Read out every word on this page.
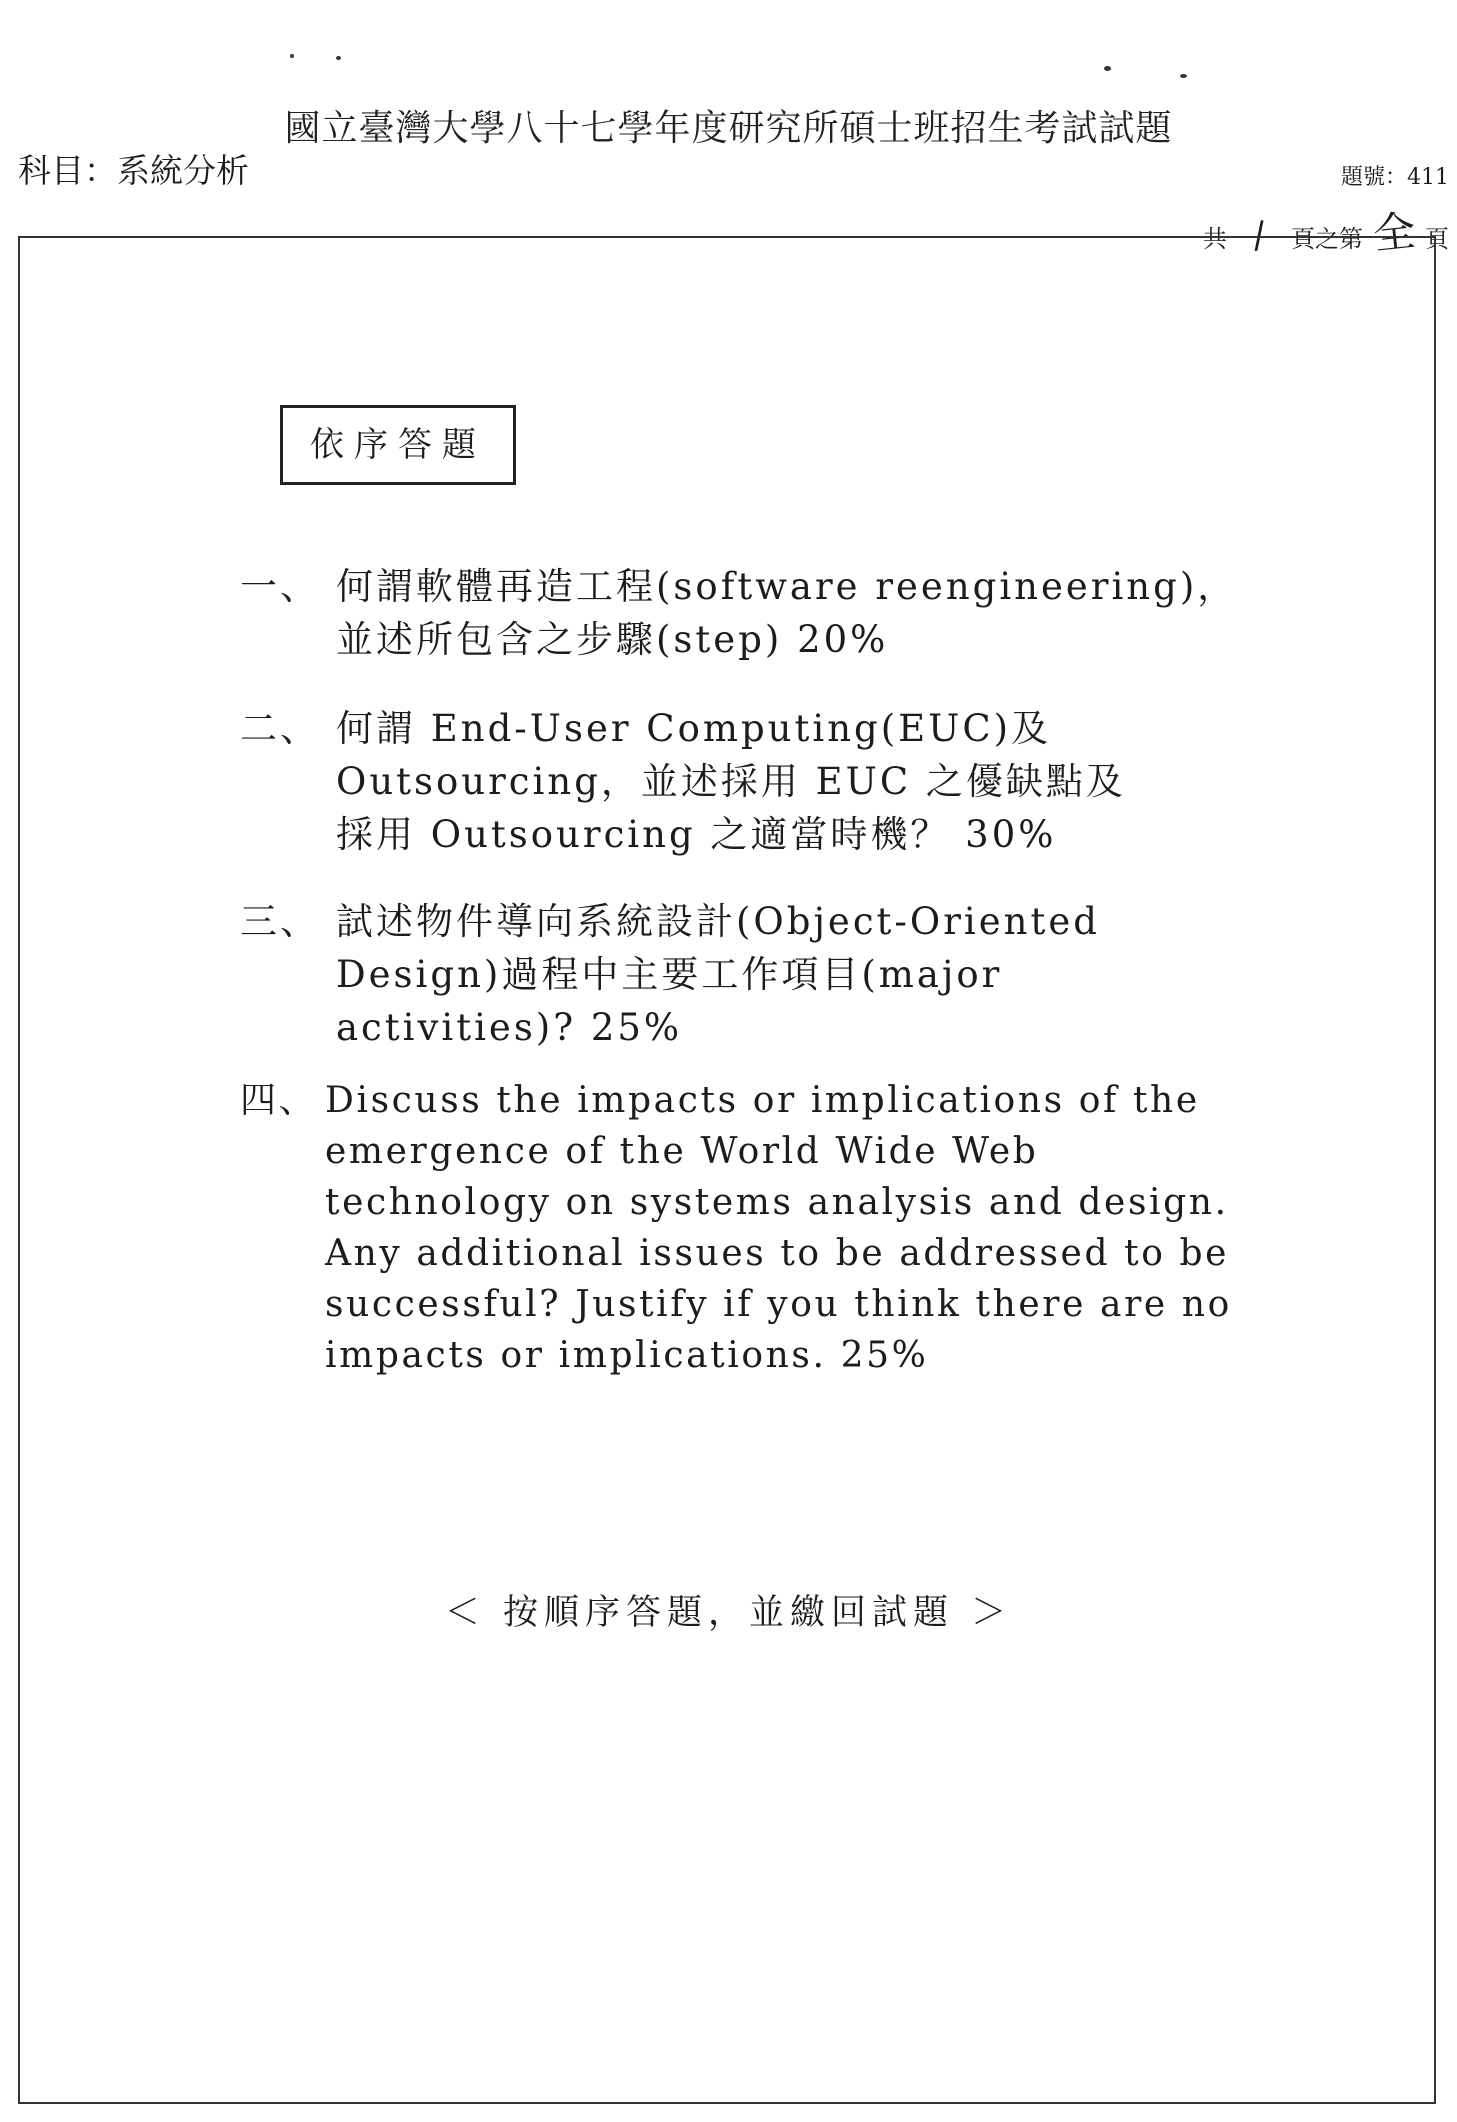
國立臺灣大學八十七學年度研究所碩士班招生考試試題
科目：系統分析	題號：411
共 / 頁之第 全 頁
依序答題
一、 何謂軟體再造工程(software reengineering)，
並述所包含之步驟(step) 20%
二、 何謂 End-User Computing(EUC)及
Outsourcing，並述採用 EUC 之優缺點及
採用 Outsourcing 之適當時機？ 30%
三、 試述物件導向系統設計(Object-Oriented
Design)過程中主要工作項目(major
activities)? 25%
四、 Discuss the impacts or implications of the
emergence of the World Wide Web
technology on systems analysis and design.
Any additional issues to be addressed to be
successful? Justify if you think there are no
impacts or implications. 25%
＜ 按順序答題，並繳回試題 ＞
